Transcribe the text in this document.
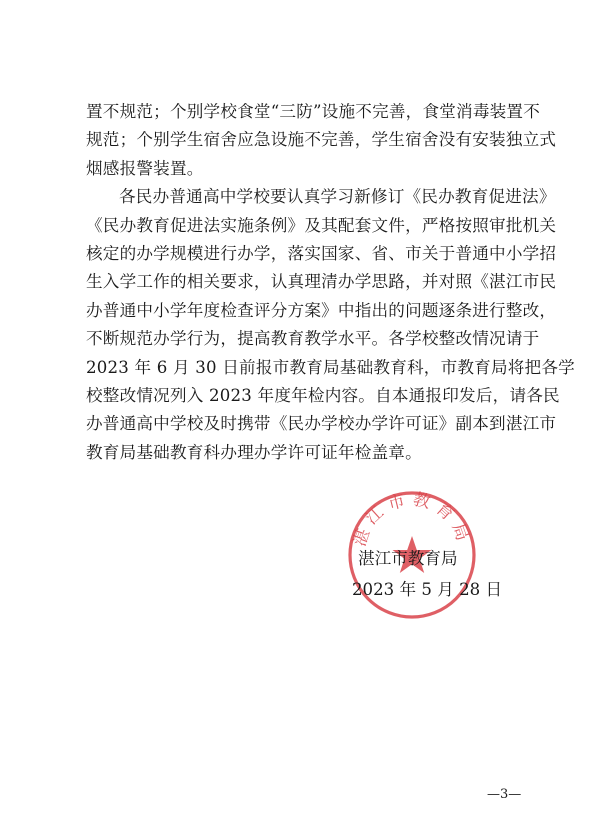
置不规范；个别学校食堂“三防”设施不完善，食堂消毒装置不
规范；个别学生宿舍应急设施不完善，学生宿舍没有安装独立式
烟感报警装置。
各民办普通高中学校要认真学习新修订《民办教育促进法》
《民办教育促进法实施条例》及其配套文件，严格按照审批机关
核定的办学规模进行办学，落实国家、省、市关于普通中小学招
生入学工作的相关要求，认真理清办学思路，并对照《湛江市民
办普通中小学年度检查评分方案》中指出的问题逐条进行整改，
不断规范办学行为，提高教育教学水平。各学校整改情况请于
2023 年 6 月 30 日前报市教育局基础教育科，市教育局将把各学
校整改情况列入 2023 年度年检内容。自本通报印发后，请各民
办普通高中学校及时携带《民办学校办学许可证》副本到湛江市
教育局基础教育科办理办学许可证年检盖章。
湛江市教育局
湛江市教育局
2023 年 5 月 28 日
—3—
